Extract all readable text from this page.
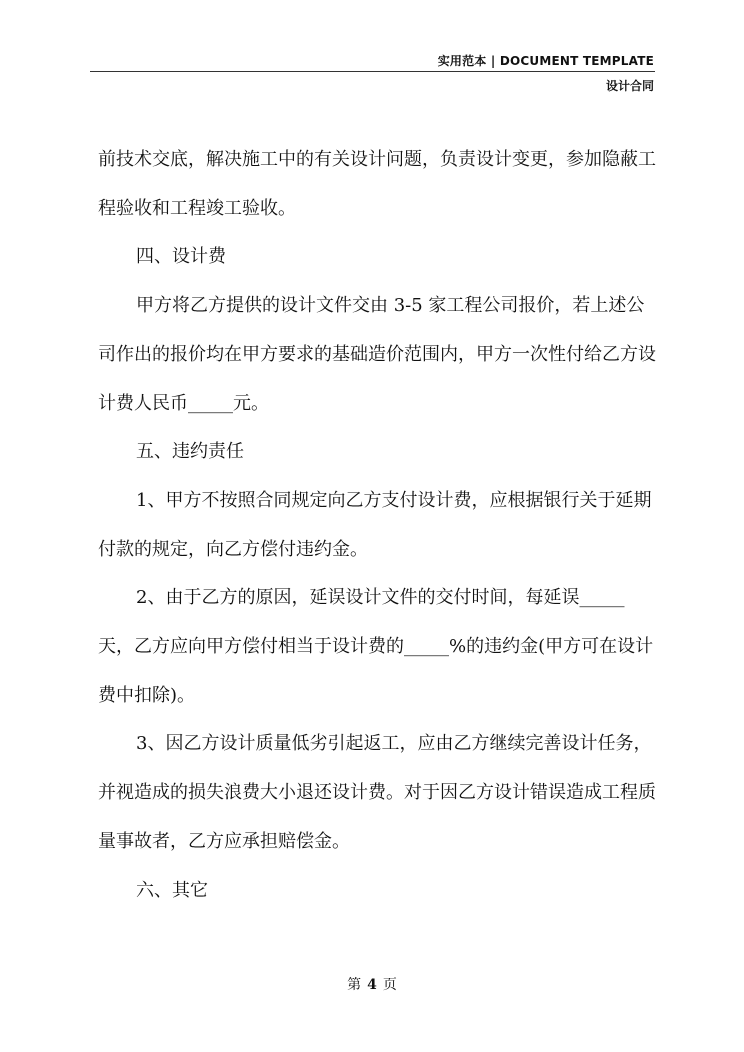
实用范本 | DOCUMENT TEMPLATE
设计合同

前技术交底，解决施工中的有关设计问题，负责设计变更，参加隐蔽工程验收和工程竣工验收。

四、设计费

甲方将乙方提供的设计文件交由 3-5 家工程公司报价，若上述公司作出的报价均在甲方要求的基础造价范围内，甲方一次性付给乙方设计费人民币_____元。

五、违约责任

1、甲方不按照合同规定向乙方支付设计费，应根据银行关于延期付款的规定，向乙方偿付违约金。

2、由于乙方的原因，延误设计文件的交付时间，每延误_____天，乙方应向甲方偿付相当于设计费的_____%的违约金(甲方可在设计费中扣除)。

3、因乙方设计质量低劣引起返工，应由乙方继续完善设计任务，并视造成的损失浪费大小退还设计费。对于因乙方设计错误造成工程质量事故者，乙方应承担赔偿金。

六、其它

第 4 页
